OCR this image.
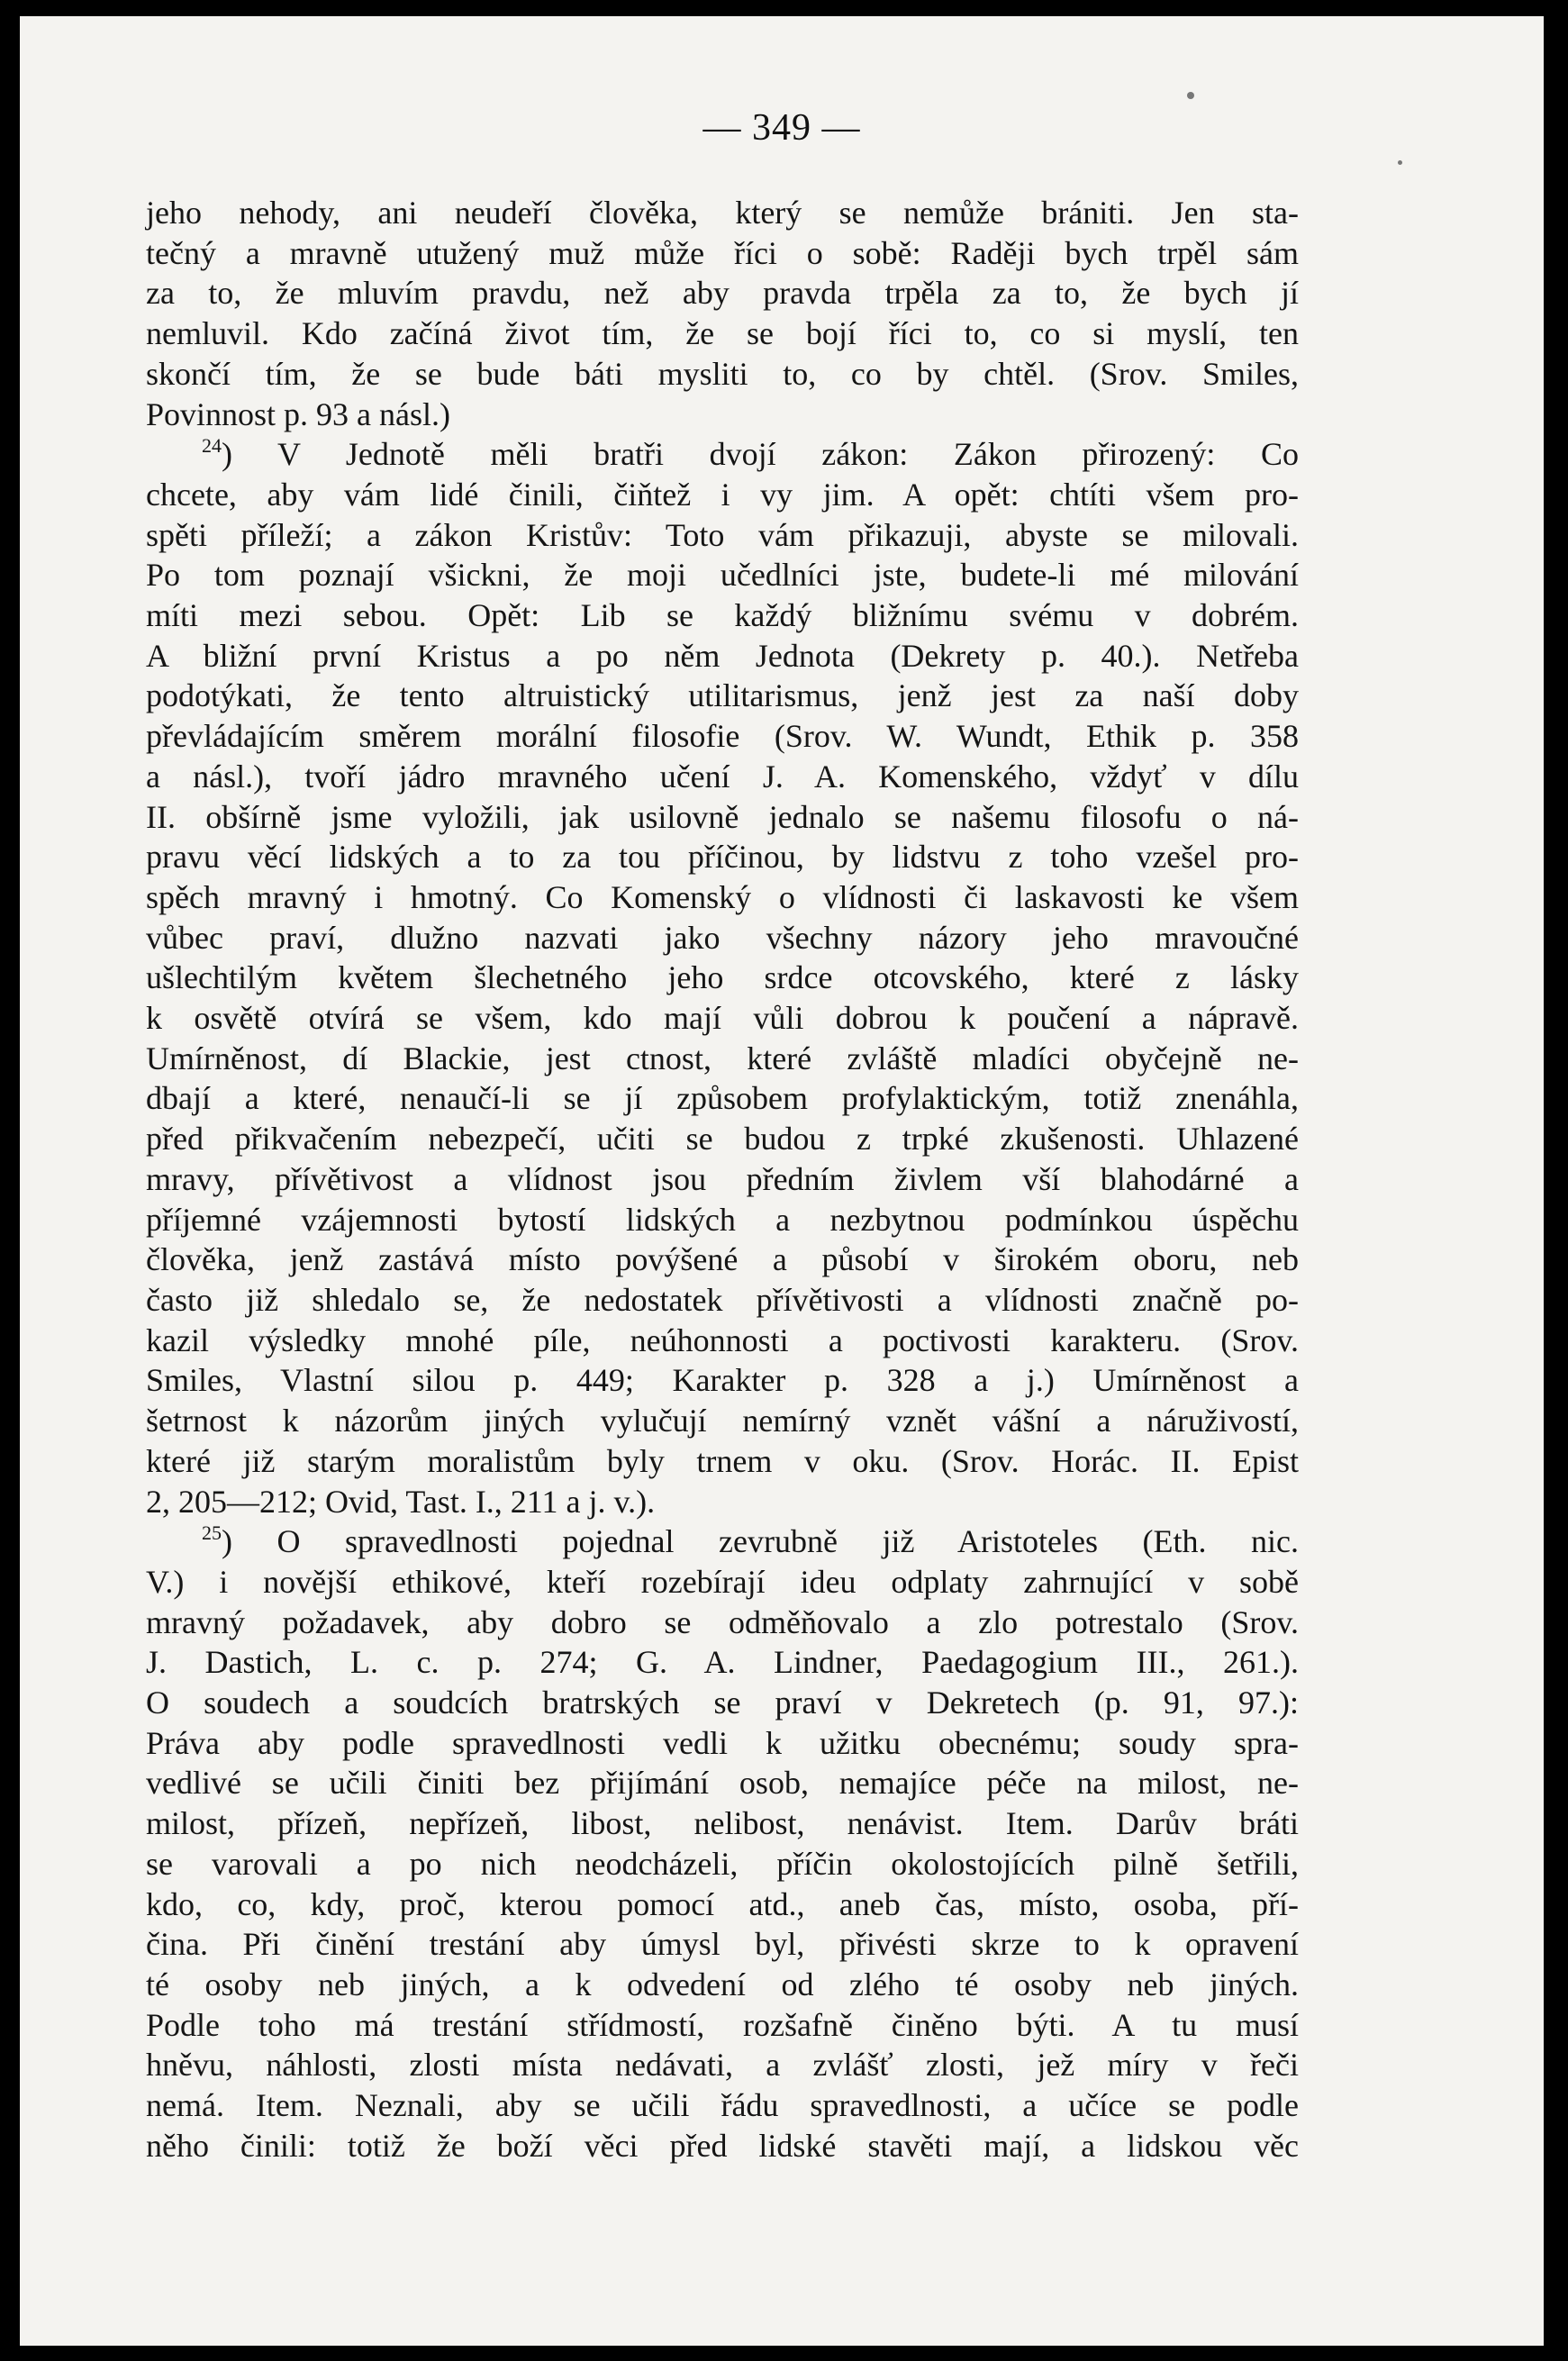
— 349 —
jeho nehody, ani neudeří člověka, který se nemůže brániti. Jen sta-
tečný a mravně utužený muž může říci o sobě: Raději bych trpěl sám
za to, že mluvím pravdu, než aby pravda trpěla za to, že bych jí
nemluvil. Kdo začíná život tím, že se bojí říci to, co si myslí, ten
skončí tím, že se bude báti mysliti to, co by chtěl. (Srov. Smiles,
Povinnost p. 93 a násl.)
$^{24}$) V Jednotě měli bratři dvojí zákon: Zákon přirozený: Co
chcete, aby vám lidé činili, čiňtež i vy jim. A opět: chtíti všem pro-
spěti příleží; a zákon Kristův: Toto vám přikazuji, abyste se milovali.
Po tom poznají všickni, že moji učedlníci jste, budete-li mé milování
míti mezi sebou. Opět: Lib se každý bližnímu svému v dobrém.
A bližní první Kristus a po něm Jednota (Dekrety p. 40.). Netřeba
podotýkati, že tento altruistický utilitarismus, jenž jest za naší doby
převládajícím směrem morální filosofie (Srov. W. Wundt, Ethik p. 358
a násl.), tvoří jádro mravného učení J. A. Komenského, vždyť v dílu
II. obšírně jsme vyložili, jak usilovně jednalo se našemu filosofu o ná-
pravu věcí lidských a to za tou příčinou, by lidstvu z toho vzešel pro-
spěch mravný i hmotný. Co Komenský o vlídnosti či laskavosti ke všem
vůbec praví, dlužno nazvati jako všechny názory jeho mravoučné
ušlechtilým květem šlechetného jeho srdce otcovského, které z lásky
k osvětě otvírá se všem, kdo mají vůli dobrou k poučení a nápravě.
Umírněnost, dí Blackie, jest ctnost, které zvláště mladíci obyčejně ne-
dbají a které, nenaučí-li se jí způsobem profylaktickým, totiž znenáhla,
před přikvačením nebezpečí, učiti se budou z trpké zkušenosti. Uhlazené
mravy, přívětivost a vlídnost jsou předním živlem vší blahodárné a
příjemné vzájemnosti bytostí lidských a nezbytnou podmínkou úspěchu
člověka, jenž zastává místo povýšené a působí v širokém oboru, neb
často již shledalo se, že nedostatek přívětivosti a vlídnosti značně po-
kazil výsledky mnohé píle, neúhonnosti a poctivosti karakteru. (Srov.
Smiles, Vlastní silou p. 449; Karakter p. 328 a j.) Umírněnost a
šetrnost k názorům jiných vylučují nemírný vznět vášní a náruživostí,
které již starým moralistům byly trnem v oku. (Srov. Horác. II. Epist
2, 205—212; Ovid, Tast. I., 211 a j. v.).
$^{25}$) O spravedlnosti pojednal zevrubně již Aristoteles (Eth. nic.
V.) i novější ethikové, kteří rozebírají ideu odplaty zahrnující v sobě
mravný požadavek, aby dobro se odměňovalo a zlo potrestalo (Srov.
J. Dastich, L. c. p. 274; G. A. Lindner, Paedagogium III., 261.).
O soudech a soudcích bratrských se praví v Dekretech (p. 91, 97.):
Práva aby podle spravedlnosti vedli k užitku obecnému; soudy spra-
vedlivé se učili činiti bez přijímání osob, nemajíce péče na milost, ne-
milost, přízeň, nepřízeň, libost, nelibost, nenávist. Item. Darův bráti
se varovali a po nich neodcházeli, příčin okolostojících pilně šetřili,
kdo, co, kdy, proč, kterou pomocí atd., aneb čas, místo, osoba, pří-
čina. Při činění trestání aby úmysl byl, přivésti skrze to k opravení
té osoby neb jiných, a k odvedení od zlého té osoby neb jiných.
Podle toho má trestání střídmostí, rozšafně činěno býti. A tu musí
hněvu, náhlosti, zlosti místa nedávati, a zvlášť zlosti, jež míry v řeči
nemá. Item. Neznali, aby se učili řádu spravedlnosti, a učíce se podle
něho činili: totiž že boží věci před lidské stavěti mají, a lidskou věc
